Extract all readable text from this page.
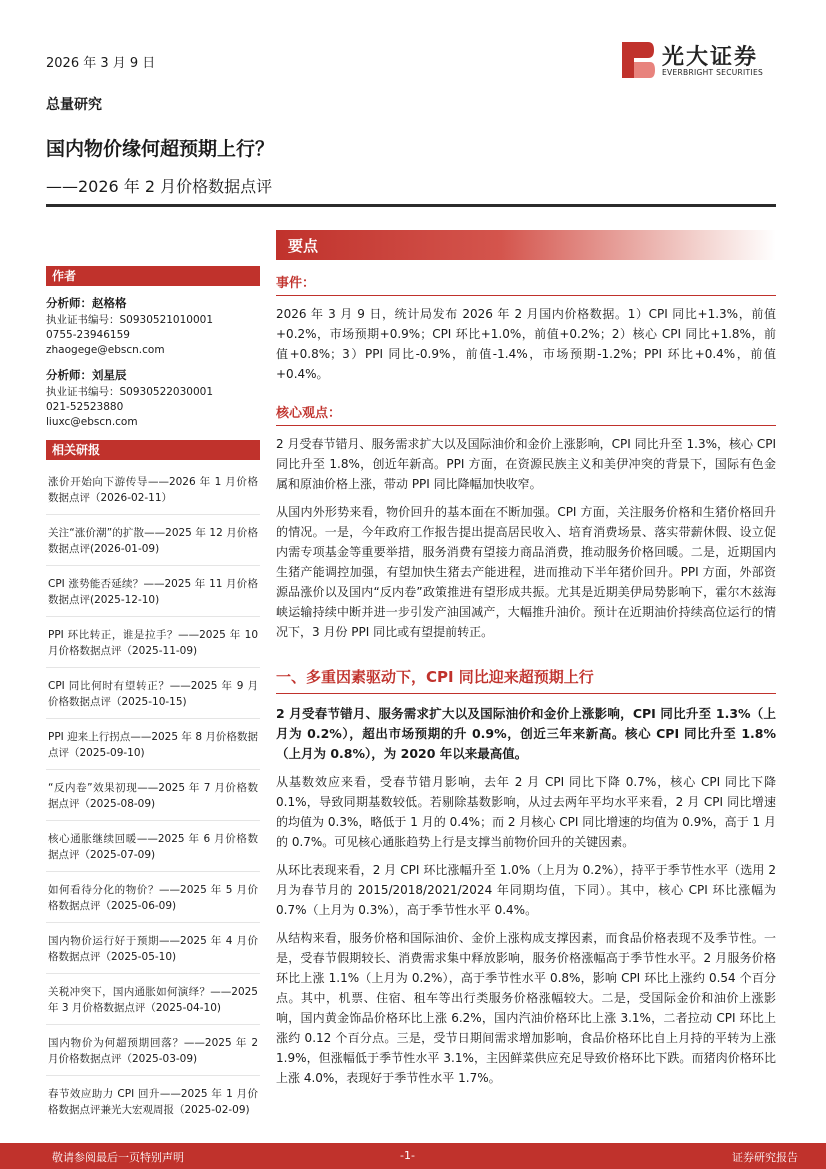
2026 年 3 月 9 日	光大证券
EVERBRIGHT SECURITIES
总量研究
国内物价缘何超预期上行？
——2026 年 2 月价格数据点评
作者
分析师：赵格格
执业证书编号：S0930521010001
0755-23946159
zhaogege@ebscn.com
分析师：刘星辰
执业证书编号：S0930522030001
021-52523880
liuxc@ebscn.com
相关研报
涨价开始向下游传导——2026 年 1 月价格数据点评（2026-02-11）
关注“涨价潮”的扩散——2025 年 12 月价格数据点评(2026-01-09)
CPI 涨势能否延续？——2025 年 11 月价格数据点评(2025-12-10)
PPI 环比转正，谁是拉手？——2025 年 10 月价格数据点评（2025-11-09)
CPI 同比何时有望转正？——2025 年 9 月价格数据点评（2025-10-15)
PPI 迎来上行拐点——2025 年 8 月价格数据点评（2025-09-10)
“反内卷”效果初现——2025 年 7 月价格数据点评（2025-08-09)
核心通胀继续回暖——2025 年 6 月价格数据点评（2025-07-09)
如何看待分化的物价？——2025 年 5 月价格数据点评（2025-06-09)
国内物价运行好于预期——2025 年 4 月价格数据点评（2025-05-10)
关税冲突下，国内通胀如何演绎？——2025 年 3 月价格数据点评（2025-04-10)
国内物价为何超预期回落？——2025 年 2 月价格数据点评（2025-03-09)
春节效应助力 CPI 回升——2025 年 1 月价格数据点评兼光大宏观周报（2025-02-09)
要点
事件：
2026 年 3 月 9 日，统计局发布 2026 年 2 月国内价格数据。1）CPI 同比+1.3%，前值+0.2%，市场预期+0.9%；CPI 环比+1.0%，前值+0.2%；2）核心 CPI 同比+1.8%，前值+0.8%；3）PPI 同比-0.9%，前值-1.4%，市场预期-1.2%；PPI 环比+0.4%，前值+0.4%。
核心观点：
2 月受春节错月、服务需求扩大以及国际油价和金价上涨影响，CPI 同比升至 1.3%，核心 CPI 同比升至 1.8%，创近年新高。PPI 方面，在资源民族主义和美伊冲突的背景下，国际有色金属和原油价格上涨，带动 PPI 同比降幅加快收窄。
从国内外形势来看，物价回升的基本面在不断加强。CPI 方面，关注服务价格和生猪价格回升的情况。一是，今年政府工作报告提出提高居民收入、培育消费场景、落实带薪休假、设立促内需专项基金等重要举措，服务消费有望接力商品消费，推动服务价格回暖。二是，近期国内生猪产能调控加强，有望加快生猪去产能进程，进而推动下半年猪价回升。PPI 方面，外部资源品涨价以及国内“反内卷”政策推进有望形成共振。尤其是近期美伊局势影响下，霍尔木兹海峡运输持续中断并进一步引发产油国减产，大幅推升油价。预计在近期油价持续高位运行的情况下，3 月份 PPI 同比或有望提前转正。
一、多重因素驱动下，CPI 同比迎来超预期上行
2 月受春节错月、服务需求扩大以及国际油价和金价上涨影响，CPI 同比升至 1.3%（上月为 0.2%），超出市场预期的升 0.9%，创近三年来新高。核心 CPI 同比升至 1.8%（上月为 0.8%），为 2020 年以来最高值。
从基数效应来看，受春节错月影响，去年 2 月 CPI 同比下降 0.7%，核心 CPI 同比下降 0.1%，导致同期基数较低。若剔除基数影响，从过去两年平均水平来看，2 月 CPI 同比增速的均值为 0.3%，略低于 1 月的 0.4%；而 2 月核心 CPI 同比增速的均值为 0.9%，高于 1 月的 0.7%。可见核心通胀趋势上行是支撑当前物价回升的关键因素。
从环比表现来看，2 月 CPI 环比涨幅升至 1.0%（上月为 0.2%），持平于季节性水平（选用 2 月为春节月的 2015/2018/2021/2024 年同期均值，下同）。其中，核心 CPI 环比涨幅为 0.7%（上月为 0.3%），高于季节性水平 0.4%。
从结构来看，服务价格和国际油价、金价上涨构成支撑因素，而食品价格表现不及季节性。一是，受春节假期较长、消费需求集中释放影响，服务价格涨幅高于季节性水平。2 月服务价格环比上涨 1.1%（上月为 0.2%），高于季节性水平 0.8%，影响 CPI 环比上涨约 0.54 个百分点。其中，机票、住宿、租车等出行类服务价格涨幅较大。二是，受国际金价和油价上涨影响，国内黄金饰品价格环比上涨 6.2%，国内汽油价格环比上涨 3.1%，二者拉动 CPI 环比上涨约 0.12 个百分点。三是，受节日期间需求增加影响，食品价格环比自上月持的平转为上涨 1.9%，但涨幅低于季节性水平 3.1%，主因鲜菜供应充足导致价格环比下跌。而猪肉价格环比上涨 4.0%，表现好于季节性水平 1.7%。
敬请参阅最后一页特别声明	-1-	证券研究报告
